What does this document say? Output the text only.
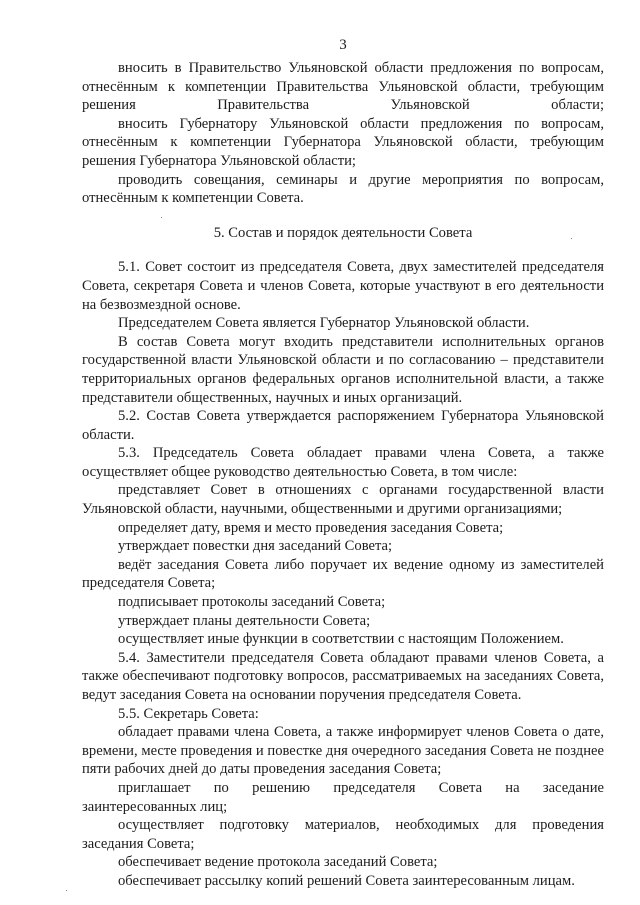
3

вносить в Правительство Ульяновской области предложения по вопросам, отнесённым к компетенции Правительства Ульяновской области, требующим решения Правительства Ульяновской области;

вносить Губернатору Ульяновской области предложения по вопросам, отнесённым к компетенции Губернатора Ульяновской области, требующим решения Губернатора Ульяновской области;

проводить совещания, семинары и другие мероприятия по вопросам, отнесённым к компетенции Совета.

5. Состав и порядок деятельности Совета

5.1. Совет состоит из председателя Совета, двух заместителей председателя Совета, секретаря Совета и членов Совета, которые участвуют в его деятельности на безвозмездной основе.

Председателем Совета является Губернатор Ульяновской области.

В состав Совета могут входить представители исполнительных органов государственной власти Ульяновской области и по согласованию – представители территориальных органов федеральных органов исполнительной власти, а также представители общественных, научных и иных организаций.

5.2. Состав Совета утверждается распоряжением Губернатора Ульяновской области.

5.3. Председатель Совета обладает правами члена Совета, а также осуществляет общее руководство деятельностью Совета, в том числе:

представляет Совет в отношениях с органами государственной власти Ульяновской области, научными, общественными и другими организациями;

определяет дату, время и место проведения заседания Совета;

утверждает повестки дня заседаний Совета;

ведёт заседания Совета либо поручает их ведение одному из заместителей председателя Совета;

подписывает протоколы заседаний Совета;

утверждает планы деятельности Совета;

осуществляет иные функции в соответствии с настоящим Положением.

5.4. Заместители председателя Совета обладают правами членов Совета, а также обеспечивают подготовку вопросов, рассматриваемых на заседаниях Совета, ведут заседания Совета на основании поручения председателя Совета.

5.5. Секретарь Совета:

обладает правами члена Совета, а также информирует членов Совета о дате, времени, месте проведения и повестке дня очередного заседания Совета не позднее пяти рабочих дней до даты проведения заседания Совета;

приглашает по решению председателя Совета на заседание заинтересованных лиц;

осуществляет подготовку материалов, необходимых для проведения заседания Совета;

обеспечивает ведение протокола заседаний Совета;

обеспечивает рассылку копий решений Совета заинтересованным лицам.
